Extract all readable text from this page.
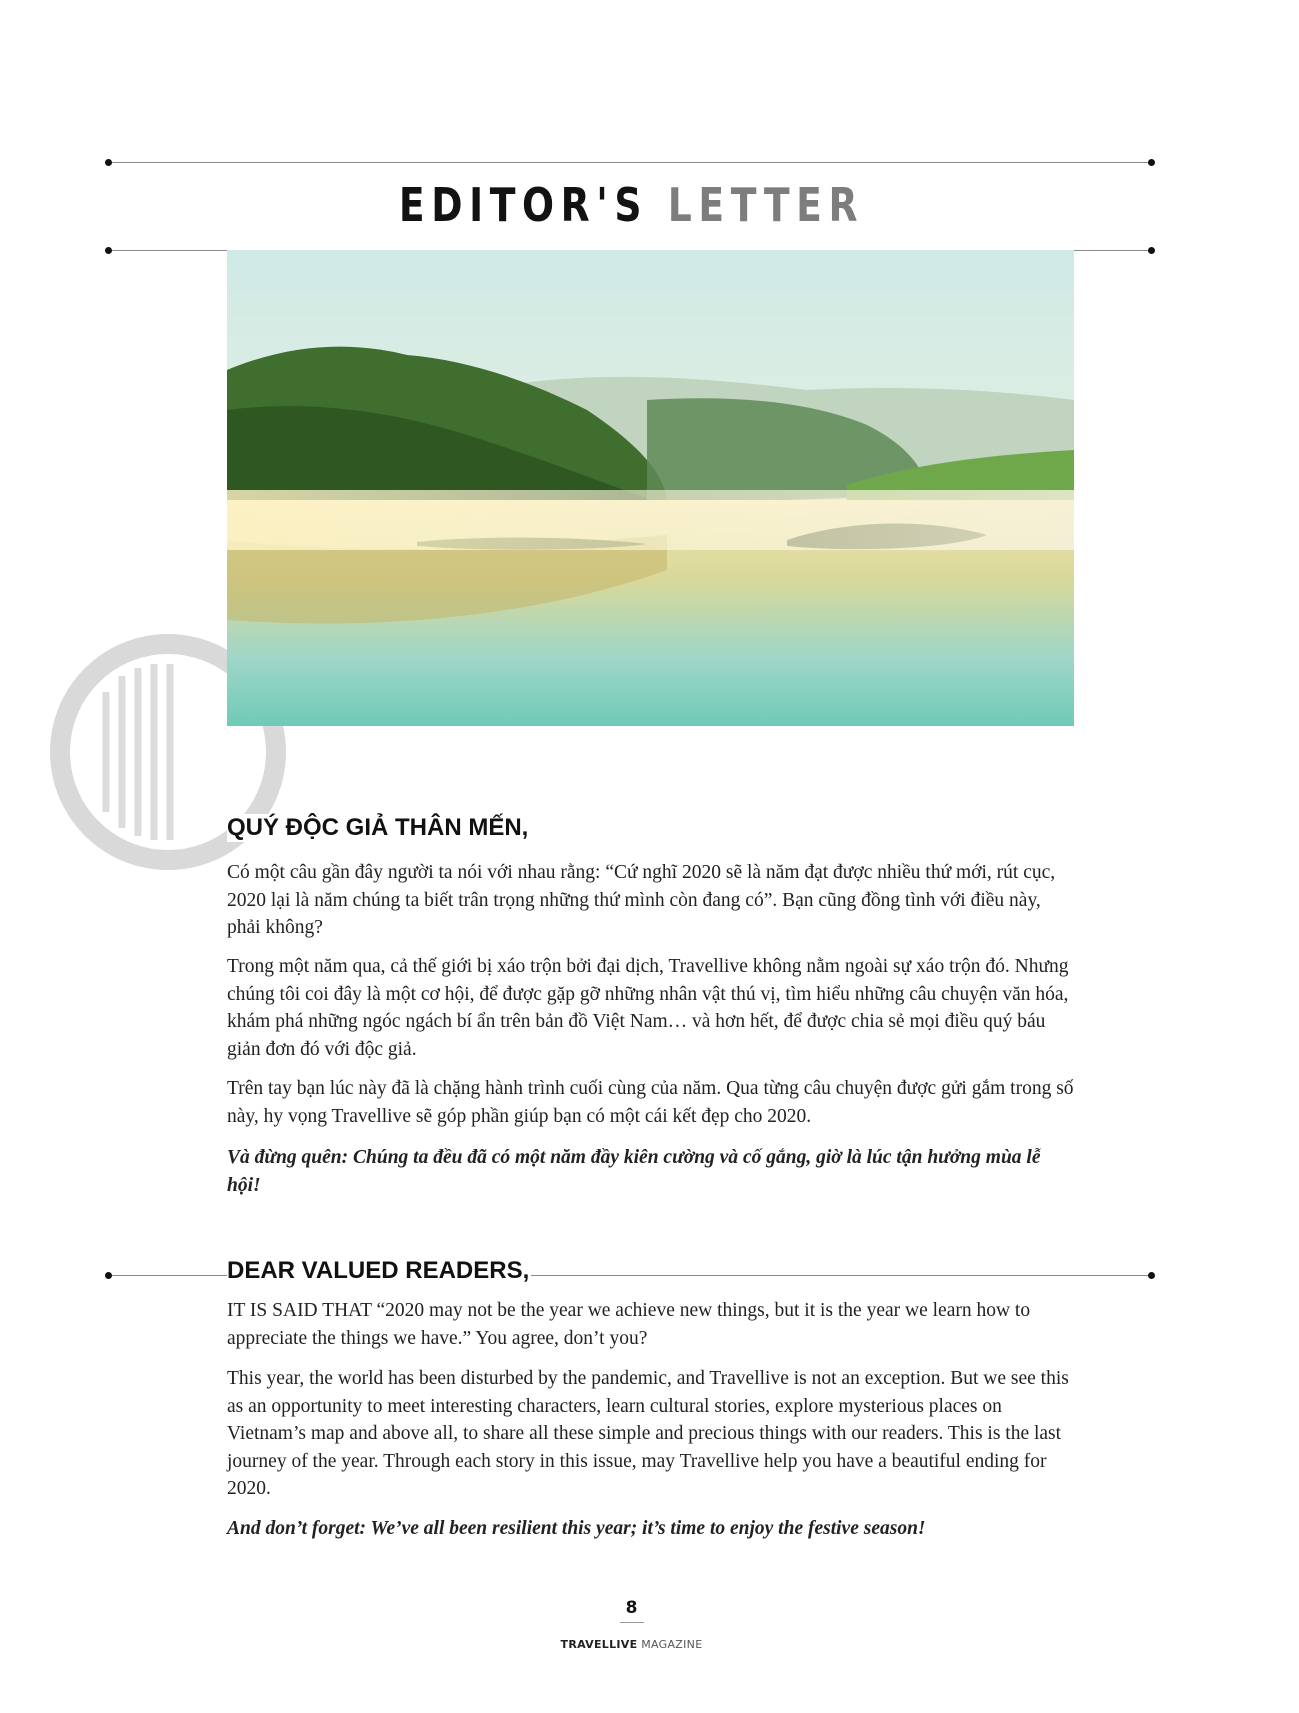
EDITOR'S LETTER
QUÝ ĐỘC GIẢ THÂN MẾN,

Có một câu gần đây người ta nói với nhau rằng: “Cứ nghĩ 2020 sẽ là năm đạt được nhiều thứ mới, rút cục, 2020 lại là năm chúng ta biết trân trọng những thứ mình còn đang có”. Bạn cũng đồng tình với điều này, phải không?

Trong một năm qua, cả thế giới bị xáo trộn bởi đại dịch, Travellive không nằm ngoài sự xáo trộn đó. Nhưng chúng tôi coi đây là một cơ hội, để được gặp gỡ những nhân vật thú vị, tìm hiểu những câu chuyện văn hóa, khám phá những ngóc ngách bí ẩn trên bản đồ Việt Nam… và hơn hết, để được chia sẻ mọi điều quý báu giản đơn đó với độc giả.

Trên tay bạn lúc này đã là chặng hành trình cuối cùng của năm. Qua từng câu chuyện được gửi gắm trong số này, hy vọng Travellive sẽ góp phần giúp bạn có một cái kết đẹp cho 2020.

Và đừng quên: Chúng ta đều đã có một năm đầy kiên cường và cố gắng, giờ là lúc tận hưởng mùa lễ hội!

DEAR VALUED READERS,

IT IS SAID THAT “2020 may not be the year we achieve new things, but it is the year we learn how to appreciate the things we have.” You agree, don’t you?

This year, the world has been disturbed by the pandemic, and Travellive is not an exception. But we see this as an opportunity to meet interesting characters, learn cultural stories, explore mysterious places on Vietnam’s map and above all, to share all these simple and precious things with our readers. This is the last journey of the year. Through each story in this issue, may Travellive help you have a beautiful ending for 2020.

And don’t forget: We’ve all been resilient this year; it’s time to enjoy the festive season!

8
TRAVELLIVE MAGAZINE
